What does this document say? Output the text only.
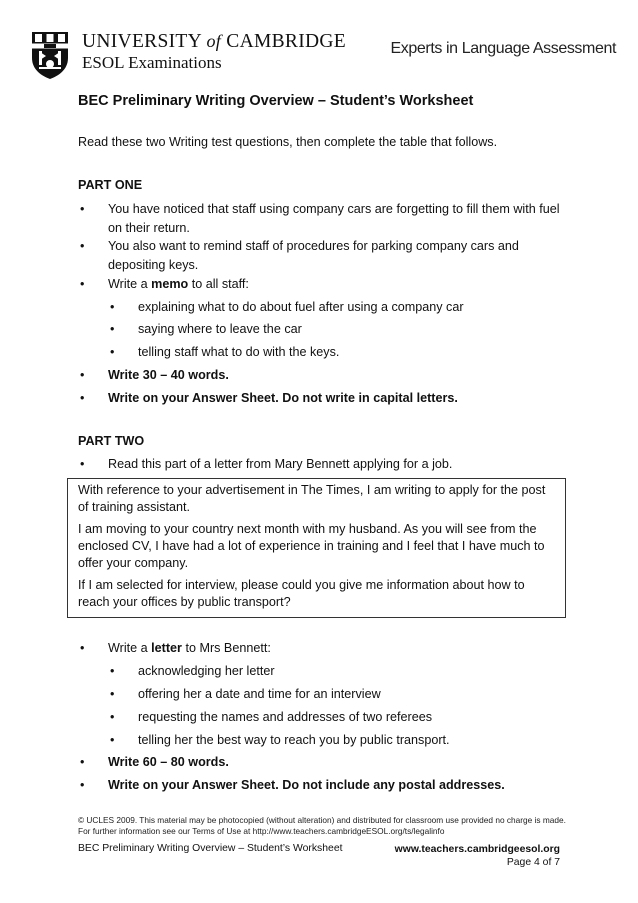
UNIVERSITY of CAMBRIDGE
ESOL Examinations
Experts in Language Assessment
BEC Preliminary Writing Overview – Student’s Worksheet
Read these two Writing test questions, then complete the table that follows.
PART ONE
• You have noticed that staff using company cars are forgetting to fill them with fuel on their return.
• You also want to remind staff of procedures for parking company cars and depositing keys.
• Write a memo to all staff:
• explaining what to do about fuel after using a company car
• saying where to leave the car
• telling staff what to do with the keys.
• Write 30 – 40 words.
• Write on your Answer Sheet. Do not write in capital letters.
PART TWO
• Read this part of a letter from Mary Bennett applying for a job.

With reference to your advertisement in The Times, I am writing to apply for the post of training assistant.

I am moving to your country next month with my husband. As you will see from the enclosed CV, I have had a lot of experience in training and I feel that I have much to offer your company.

If I am selected for interview, please could you give me information about how to reach your offices by public transport?

• Write a letter to Mrs Bennett:
• acknowledging her letter
• offering her a date and time for an interview
• requesting the names and addresses of two referees
• telling her the best way to reach you by public transport.
• Write 60 – 80 words.
• Write on your Answer Sheet. Do not include any postal addresses.
© UCLES 2009. This material may be photocopied (without alteration) and distributed for classroom use provided no charge is made. For further information see our Terms of Use at http://www.teachers.cambridgeESOL.org/ts/legalinfo
BEC Preliminary Writing Overview – Student’s Worksheet	www.teachers.cambridgeesol.org
Page 4 of 7
